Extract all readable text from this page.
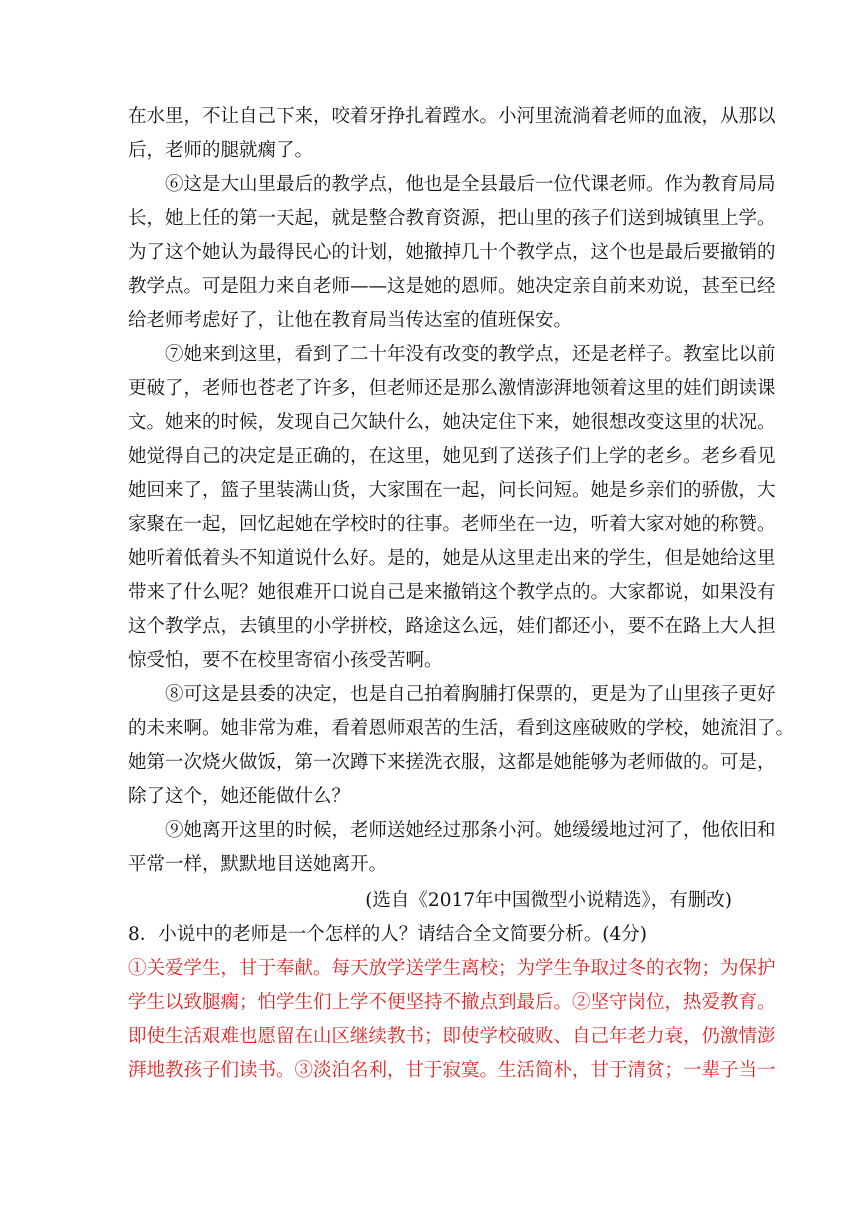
在水里，不让自己下来，咬着牙挣扎着蹚水。小河里流淌着老师的血液，从那以
后，老师的腿就瘸了。
⑥这是大山里最后的教学点，他也是全县最后一位代课老师。作为教育局局
长，她上任的第一天起，就是整合教育资源，把山里的孩子们送到城镇里上学。
为了这个她认为最得民心的计划，她撤掉几十个教学点，这个也是最后要撤销的
教学点。可是阻力来自老师——这是她的恩师。她决定亲自前来劝说，甚至已经
给老师考虑好了，让他在教育局当传达室的值班保安。
⑦她来到这里，看到了二十年没有改变的教学点，还是老样子。教室比以前
更破了，老师也苍老了许多，但老师还是那么激情澎湃地领着这里的娃们朗读课
文。她来的时候，发现自己欠缺什么，她决定住下来，她很想改变这里的状况。
她觉得自己的决定是正确的，在这里，她见到了送孩子们上学的老乡。老乡看见
她回来了，篮子里装满山货，大家围在一起，问长问短。她是乡亲们的骄傲，大
家聚在一起，回忆起她在学校时的往事。老师坐在一边，听着大家对她的称赞。
她听着低着头不知道说什么好。是的，她是从这里走出来的学生，但是她给这里
带来了什么呢？她很难开口说自己是来撤销这个教学点的。大家都说，如果没有
这个教学点，去镇里的小学拼校，路途这么远，娃们都还小，要不在路上大人担
惊受怕，要不在校里寄宿小孩受苦啊。
⑧可这是县委的决定，也是自己拍着胸脯打保票的，更是为了山里孩子更好
的未来啊。她非常为难，看着恩师艰苦的生活，看到这座破败的学校，她流泪了。
她第一次烧火做饭，第一次蹲下来搓洗衣服，这都是她能够为老师做的。可是，
除了这个，她还能做什么？
⑨她离开这里的时候，老师送她经过那条小河。她缓缓地过河了，他依旧和
平常一样，默默地目送她离开。
(选自《2017年中国微型小说精选》，有删改)
8．小说中的老师是一个怎样的人？请结合全文简要分析。(4分)
①关爱学生，甘于奉献。每天放学送学生离校；为学生争取过冬的衣物；为保护
学生以致腿瘸；怕学生们上学不便坚持不撤点到最后。②坚守岗位，热爱教育。
即使生活艰难也愿留在山区继续教书；即使学校破败、自己年老力衰，仍激情澎
湃地教孩子们读书。③淡泊名利，甘于寂寞。生活简朴，甘于清贫；一辈子当一
